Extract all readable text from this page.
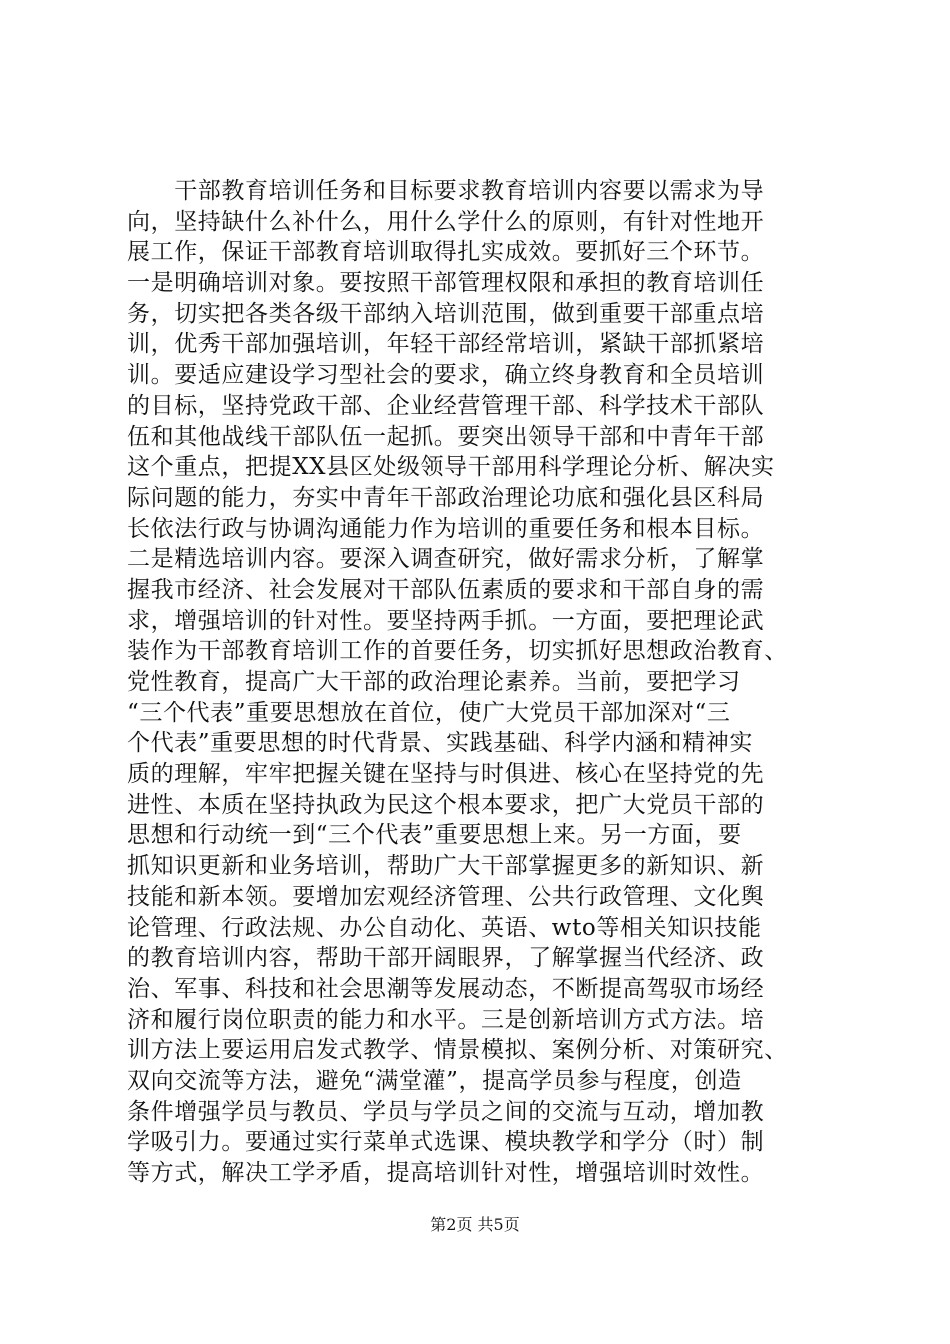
　　干部教育培训任务和目标要求教育培训内容要以需求为导
向，坚持缺什么补什么，用什么学什么的原则，有针对性地开
展工作，保证干部教育培训取得扎实成效。要抓好三个环节。
一是明确培训对象。要按照干部管理权限和承担的教育培训任
务，切实把各类各级干部纳入培训范围，做到重要干部重点培
训，优秀干部加强培训，年轻干部经常培训，紧缺干部抓紧培
训。要适应建设学习型社会的要求，确立终身教育和全员培训
的目标，坚持党政干部、企业经营管理干部、科学技术干部队
伍和其他战线干部队伍一起抓。要突出领导干部和中青年干部
这个重点，把提XX县区处级领导干部用科学理论分析、解决实
际问题的能力，夯实中青年干部政治理论功底和强化县区科局
长依法行政与协调沟通能力作为培训的重要任务和根本目标。
二是精选培训内容。要深入调查研究，做好需求分析，了解掌
握我市经济、社会发展对干部队伍素质的要求和干部自身的需
求，增强培训的针对性。要坚持两手抓。一方面，要把理论武
装作为干部教育培训工作的首要任务，切实抓好思想政治教育、
党性教育，提高广大干部的政治理论素养。当前，要把学习
“三个代表”重要思想放在首位，使广大党员干部加深对“三
个代表”重要思想的时代背景、实践基础、科学内涵和精神实
质的理解，牢牢把握关键在坚持与时俱进、核心在坚持党的先
进性、本质在坚持执政为民这个根本要求，把广大党员干部的
思想和行动统一到“三个代表”重要思想上来。另一方面，要
抓知识更新和业务培训，帮助广大干部掌握更多的新知识、新
技能和新本领。要增加宏观经济管理、公共行政管理、文化舆
论管理、行政法规、办公自动化、英语、wto等相关知识技能
的教育培训内容，帮助干部开阔眼界，了解掌握当代经济、政
治、军事、科技和社会思潮等发展动态，不断提高驾驭市场经
济和履行岗位职责的能力和水平。三是创新培训方式方法。培
训方法上要运用启发式教学、情景模拟、案例分析、对策研究、
双向交流等方法，避免“满堂灌”，提高学员参与程度，创造
条件增强学员与教员、学员与学员之间的交流与互动，增加教
学吸引力。要通过实行菜单式选课、模块教学和学分（时）制
等方式，解决工学矛盾，提高培训针对性，增强培训时效性。
第2页 共5页
